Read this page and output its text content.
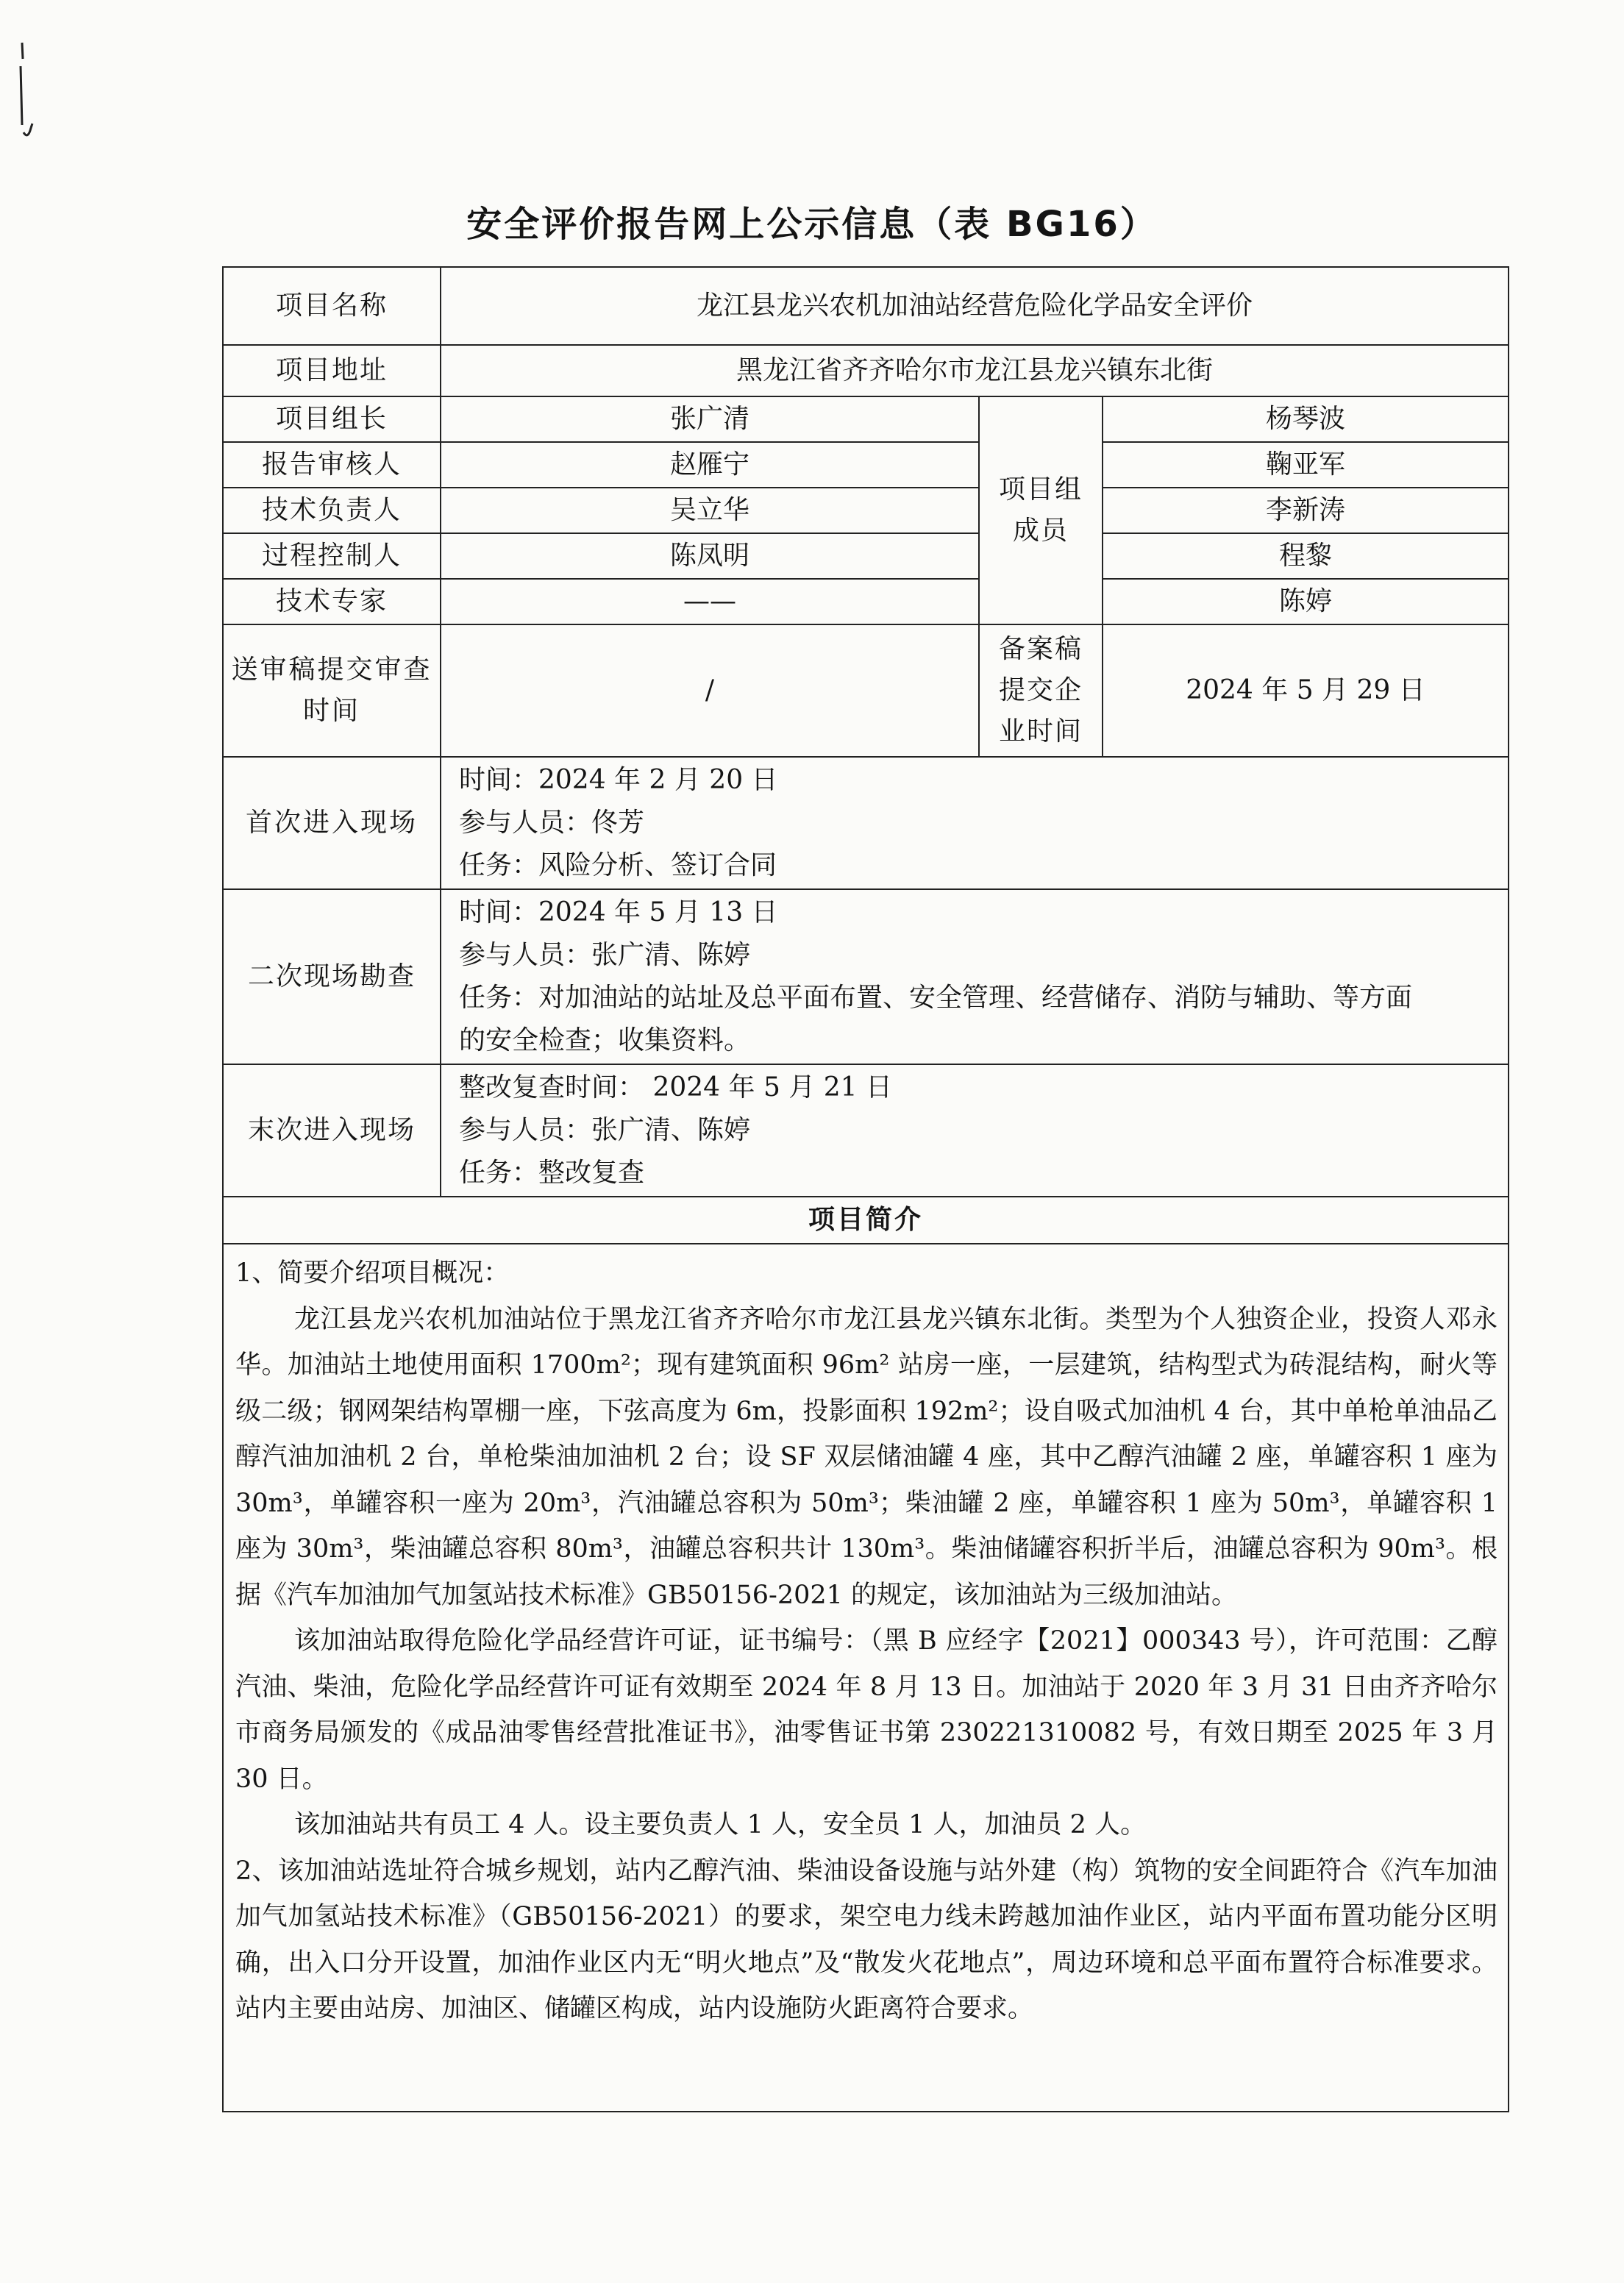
安全评价报告网上公示信息（表 BG16）
项目名称	龙江县龙兴农机加油站经营危险化学品安全评价		
项目地址	黑龙江省齐齐哈尔市龙江县龙兴镇东北街		
项目组长	张广清	项目组成员	杨琴波
报告审核人	赵雁宁		鞠亚军
技术负责人	吴立华		李新涛
过程控制人	陈凤明		程黎
技术专家	——		陈婷
送审稿提交审查时间	/	备案稿提交企业时间	2024 年 5 月 29 日
首次进入现场	时间：2024 年 2 月 20 日

参与人员：佟芳

任务：风险分析、签订合同		

二次现场勘查	时间：2024 年 5 月 13 日

参与人员：张广清、陈婷

任务：对加油站的站址及总平面布置、安全管理、经营储存、消防与辅助、等方面

的安全检查；收集资料。		

末次进入现场	整改复查时间： 2024 年 5 月 21 日

参与人员：张广清、陈婷

任务：整改复查		

项目简介			

1、简要介绍项目概况：

龙江县龙兴农机加油站位于黑龙江省齐齐哈尔市龙江县龙兴镇东北街。类型为个人独资企业，投资人邓永华。加油站土地使用面积 1700m²；现有建筑面积 96m² 站房一座，一层建筑，结构型式为砖混结构，耐火等级二级；钢网架结构罩棚一座，下弦高度为 6m，投影面积 192m²；设自吸式加油机 4 台，其中单枪单油品乙醇汽油加油机 2 台，单枪柴油加油机 2 台；设 SF 双层储油罐 4 座，其中乙醇汽油罐 2 座，单罐容积 1 座为 30m³，单罐容积一座为 20m³，汽油罐总容积为 50m³；柴油罐 2 座，单罐容积 1 座为 50m³，单罐容积 1 座为 30m³，柴油罐总容积 80m³，油罐总容积共计 130m³。柴油储罐容积折半后，油罐总容积为 90m³。根据《汽车加油加气加氢站技术标准》GB50156-2021 的规定，该加油站为三级加油站。

该加油站取得危险化学品经营许可证，证书编号：（黑 B 应经字【2021】000343 号），许可范围：乙醇汽油、柴油，危险化学品经营许可证有效期至 2024 年 8 月 13 日。加油站于 2020 年 3 月 31 日由齐齐哈尔市商务局颁发的《成品油零售经营批准证书》，油零售证书第 230221310082 号，有效日期至 2025 年 3 月 30 日。

该加油站共有员工 4 人。设主要负责人 1 人，安全员 1 人，加油员 2 人。

2、该加油站选址符合城乡规划，站内乙醇汽油、柴油设备设施与站外建（构）筑物的安全间距符合《汽车加油加气加氢站技术标准》（GB50156-2021）的要求，架空电力线未跨越加油作业区，站内平面布置功能分区明确，出入口分开设置，加油作业区内无“明火地点”及“散发火花地点”，周边环境和总平面布置符合标准要求。站内主要由站房、加油区、储罐区构成，站内设施防火距离符合要求。			
